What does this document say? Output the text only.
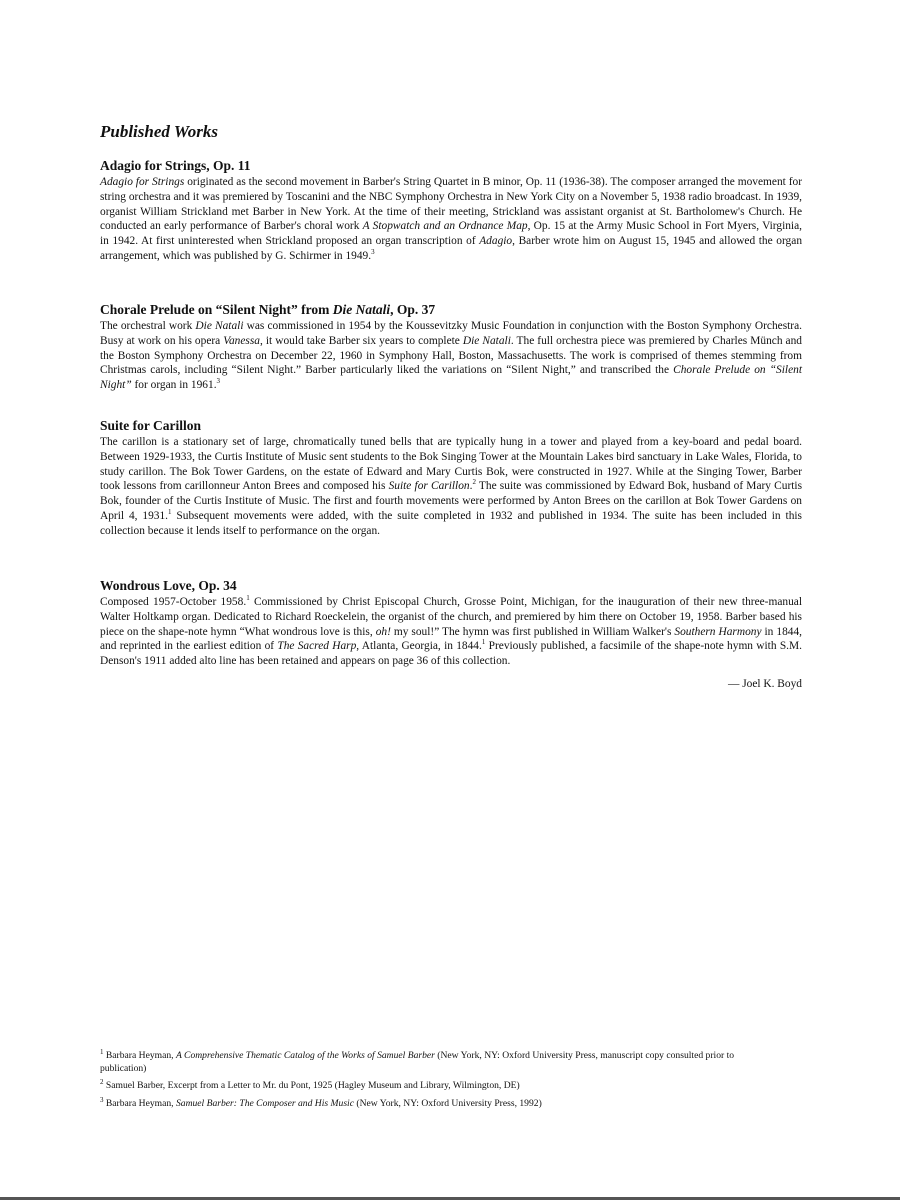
Published Works
Adagio for Strings, Op. 11

Adagio for Strings originated as the second movement in Barber's String Quartet in B minor, Op. 11 (1936-38). The composer arranged the movement for string orchestra and it was premiered by Toscanini and the NBC Symphony Orchestra in New York City on a November 5, 1938 radio broadcast. In 1939, organist William Strickland met Barber in New York. At the time of their meeting, Strickland was assistant organist at St. Bartholomew's Church. He conducted an early performance of Barber's choral work A Stopwatch and an Ordnance Map, Op. 15 at the Army Music School in Fort Myers, Virginia, in 1942. At first uninterested when Strickland proposed an organ transcription of Adagio, Barber wrote him on August 15, 1945 and allowed the organ arrangement, which was published by G. Schirmer in 1949.$^3$

Chorale Prelude on “Silent Night” from Die Natali, Op. 37

The orchestral work Die Natali was commissioned in 1954 by the Koussevitzky Music Foundation in conjunction with the Boston Symphony Orchestra. Busy at work on his opera Vanessa, it would take Barber six years to complete Die Natali. The full orchestra piece was premiered by Charles Münch and the Boston Symphony Orchestra on December 22, 1960 in Symphony Hall, Boston, Massachusetts. The work is comprised of themes stemming from Christmas carols, including “Silent Night.” Barber particularly liked the variations on “Silent Night,” and transcribed the Chorale Prelude on “Silent Night” for organ in 1961.$^3$

Suite for Carillon

The carillon is a stationary set of large, chromatically tuned bells that are typically hung in a tower and played from a key-board and pedal board. Between 1929-1933, the Curtis Institute of Music sent students to the Bok Singing Tower at the Mountain Lakes bird sanctuary in Lake Wales, Florida, to study carillon. The Bok Tower Gardens, on the estate of Edward and Mary Curtis Bok, were constructed in 1927. While at the Singing Tower, Barber took lessons from carillonneur Anton Brees and composed his Suite for Carillon.$^2$ The suite was commissioned by Edward Bok, husband of Mary Curtis Bok, founder of the Curtis Institute of Music. The first and fourth movements were performed by Anton Brees on the carillon at Bok Tower Gardens on April 4, 1931.$^1$ Subsequent movements were added, with the suite completed in 1932 and published in 1934. The suite has been included in this collection because it lends itself to performance on the organ.

Wondrous Love, Op. 34

Composed 1957-October 1958.$^1$ Commissioned by Christ Episcopal Church, Grosse Point, Michigan, for the inauguration of their new three-manual Walter Holtkamp organ. Dedicated to Richard Roeckelein, the organist of the church, and premiered by him there on October 19, 1958. Barber based his piece on the shape-note hymn “What wondrous love is this, oh! my soul!” The hymn was first published in William Walker's Southern Harmony in 1844, and reprinted in the earliest edition of The Sacred Harp, Atlanta, Georgia, in 1844.$^1$ Previously published, a facsimile of the shape-note hymn with S.M. Denson's 1911 added alto line has been retained and appears on page 36 of this collection.

— Joel K. Boyd

$^1$ Barbara Heyman, A Comprehensive Thematic Catalog of the Works of Samuel Barber (New York, NY: Oxford University Press, manuscript copy consulted prior to publication)

$^2$ Samuel Barber, Excerpt from a Letter to Mr. du Pont, 1925 (Hagley Museum and Library, Wilmington, DE)

$^3$ Barbara Heyman, Samuel Barber: The Composer and His Music (New York, NY: Oxford University Press, 1992)
